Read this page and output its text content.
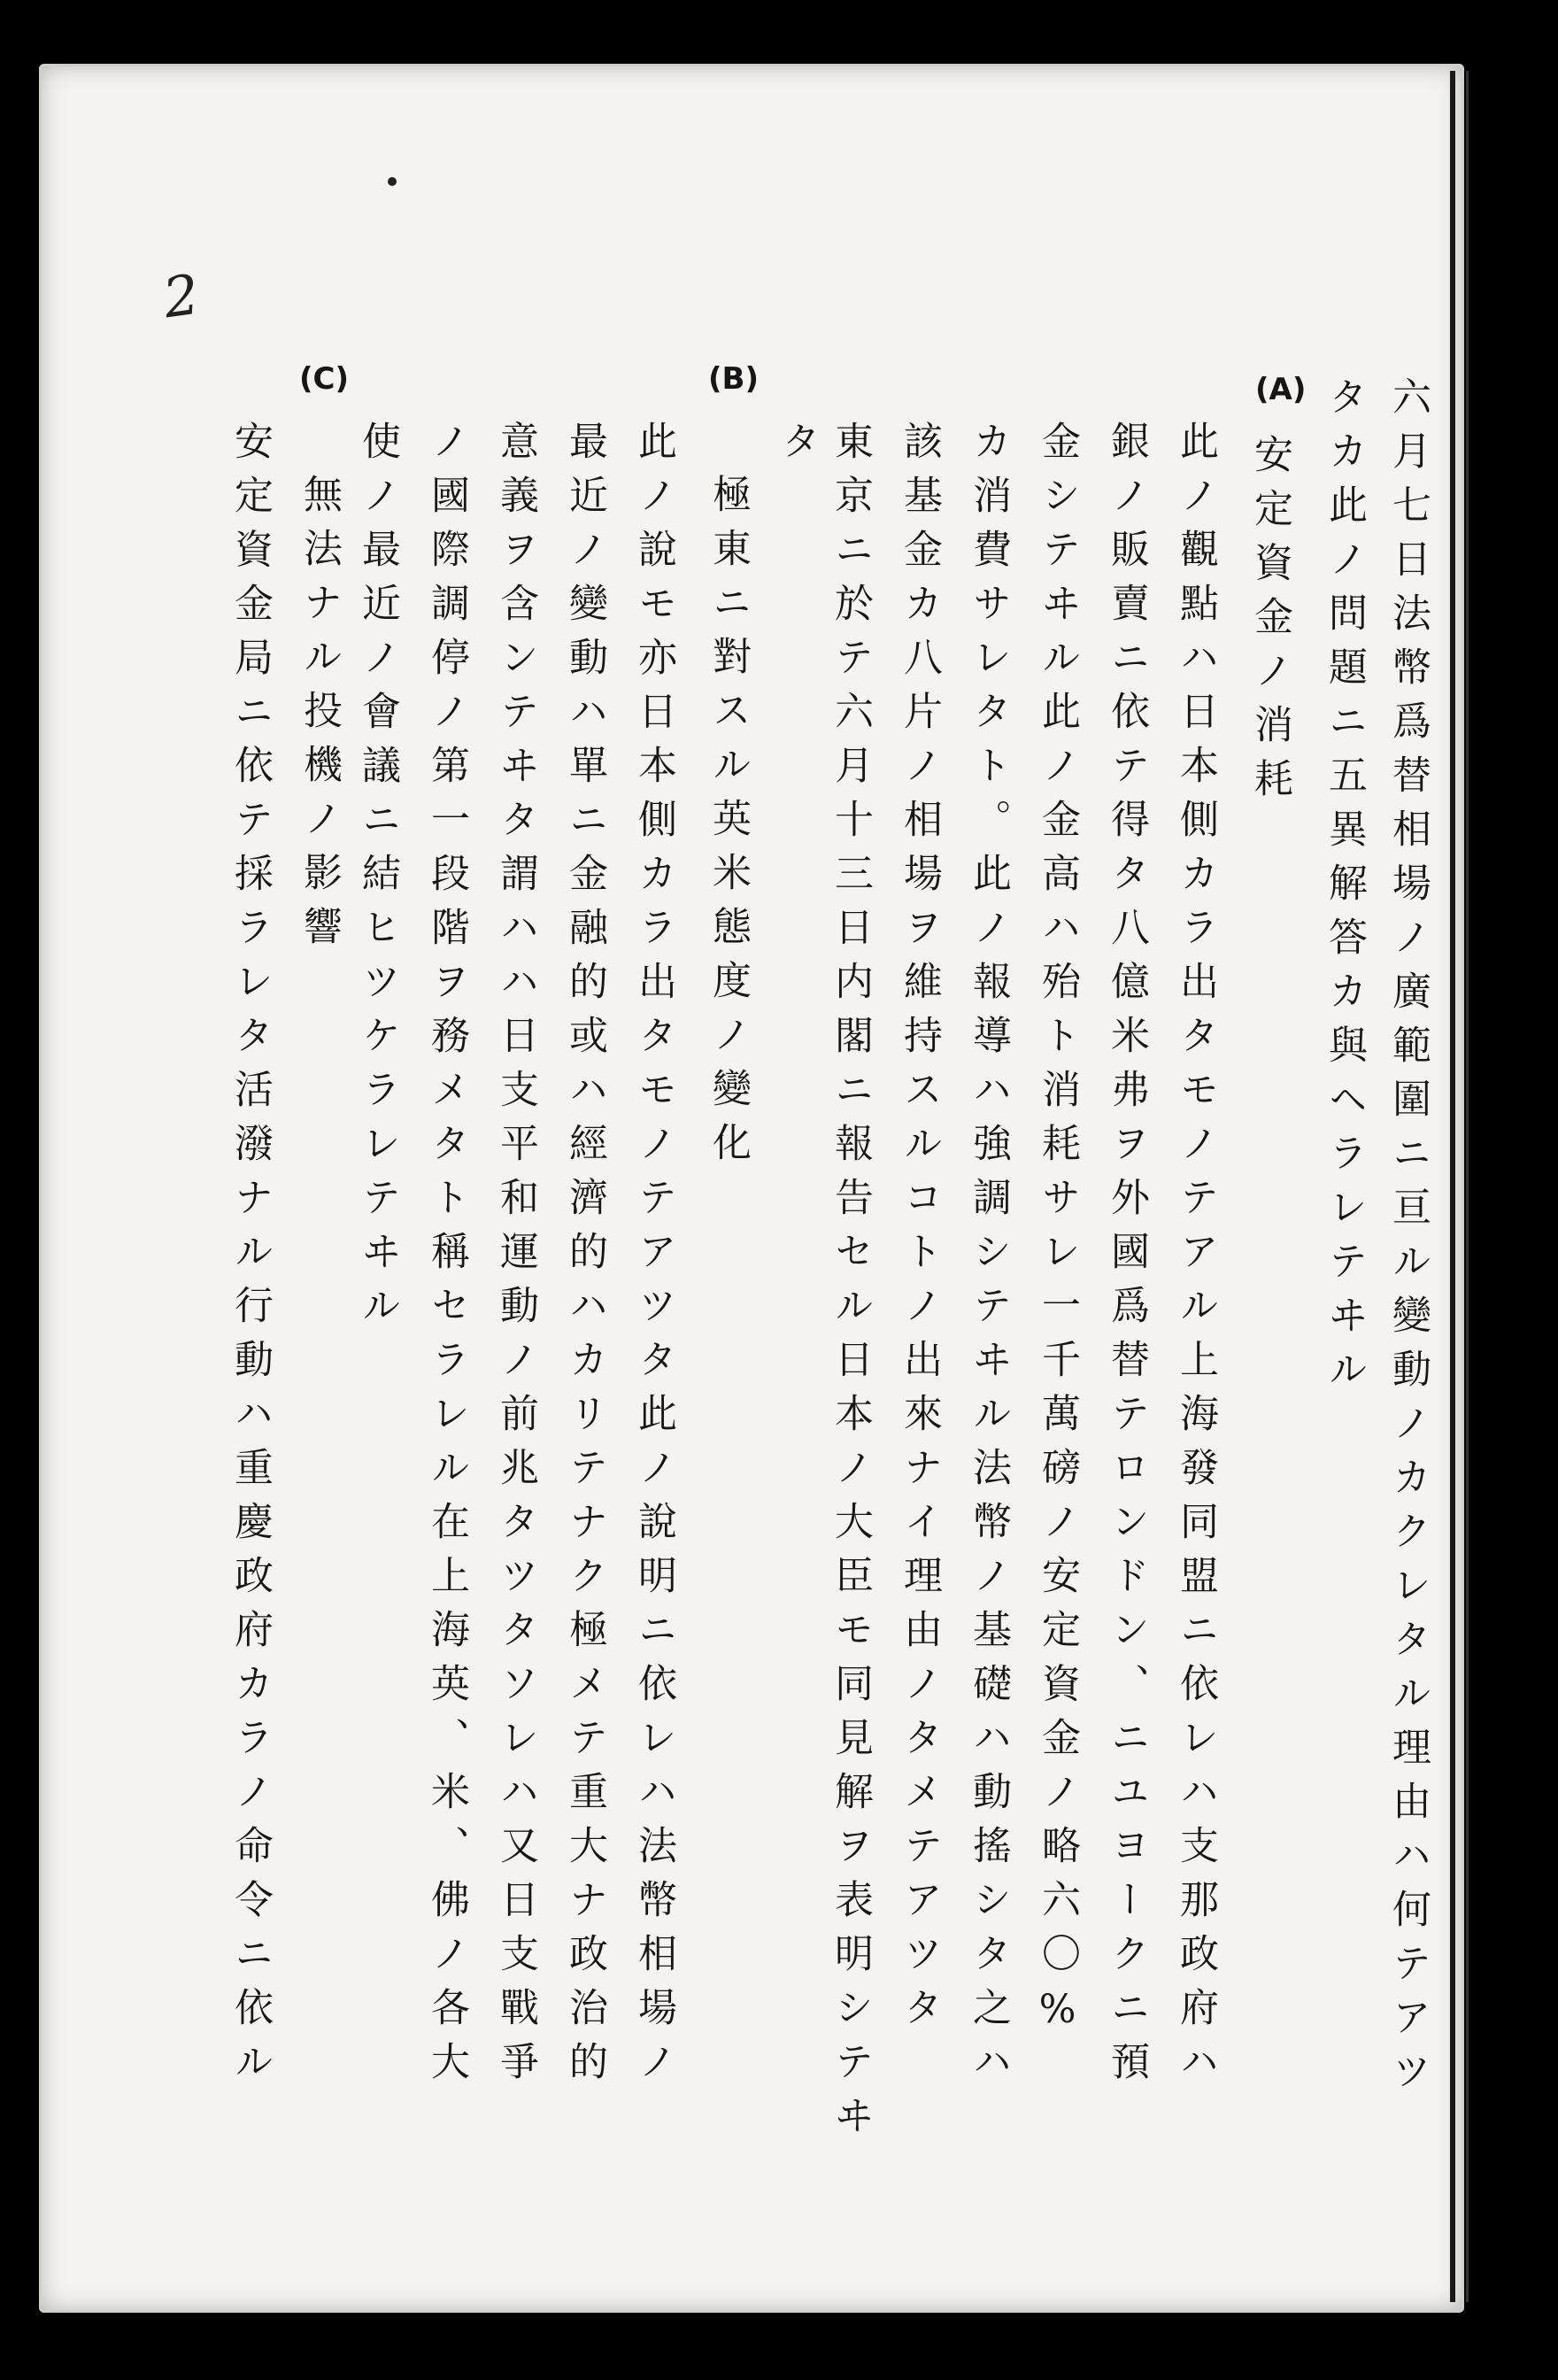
2
(A)
(B)
(C)	六月七日法幣爲替相場ノ廣範圍ニ亘ル變動ノカクレタル理由ハ何テアツ
タカ此ノ問題ニ五異解答カ與ヘラレテヰル
安定資金ノ消耗
此ノ觀點ハ日本側カラ出タモノテアル上海發同盟ニ依レハ支那政府ハ
銀ノ販賣ニ依テ得タ八億米弗ヲ外國爲替テロンドン、ニユヨークニ預
金シテヰル此ノ金高ハ殆ト消耗サレ一千萬磅ノ安定資金ノ略六〇%
カ消費サレタト。此ノ報導ハ強調シテヰル法幣ノ基礎ハ動搖シタ之ハ
該基金カ八片ノ相場ヲ維持スルコトノ出來ナイ理由ノタメテアツタ
東京ニ於テ六月十三日内閣ニ報告セル日本ノ大臣モ同見解ヲ表明シテヰ
タ
極東ニ對スル英米態度ノ變化
此ノ說モ亦日本側カラ出タモノテアツタ此ノ說明ニ依レハ法幣相場ノ
最近ノ變動ハ單ニ金融的或ハ經濟的ハカリテナク極メテ重大ナ政治的
意義ヲ含ンテヰタ謂ハハ日支平和運動ノ前兆タツタソレハ又日支戰爭
ノ國際調停ノ第一段階ヲ務メタト稱セラレル在上海英、米、佛ノ各大
使ノ最近ノ會議ニ結ヒツケラレテヰル
無法ナル投機ノ影響
安定資金局ニ依テ採ラレタ活潑ナル行動ハ重慶政府カラノ命令ニ依ル
